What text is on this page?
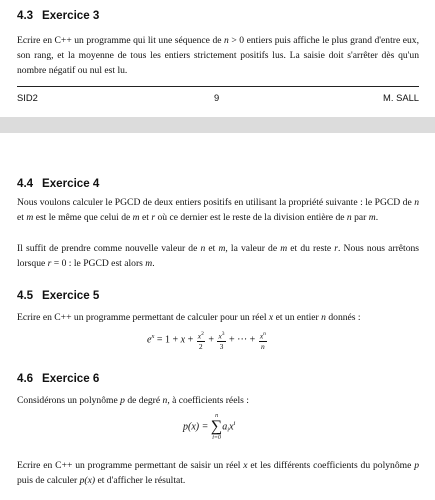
4.3 Exercice 3
Ecrire en C++ un programme qui lit une séquence de n > 0 entiers puis affiche le plus grand d'entre eux, son rang, et la moyenne de tous les entiers strictement positifs lus. La saisie doit s'arrêter dès qu'un nombre négatif ou nul est lu.
SID2	9	M. SALL
4.4 Exercice 4
Nous voulons calculer le PGCD de deux entiers positifs en utilisant la propriété suivante : le PGCD de n et m est le même que celui de m et r où ce dernier est le reste de la division entière de n par m.
Il suffit de prendre comme nouvelle valeur de n et m, la valeur de m et du reste r. Nous nous arrêtons lorsque r = 0 : le PGCD est alors m.
4.5 Exercice 5
Ecrire en C++ un programme permettant de calculer pour un réel x et un entier n donnés :
$e^x = 1 + x + \frac{x^2}{2} + \frac{x^3}{3}$ + ··· + $\frac{x^n}{n}$
4.6 Exercice 6
Considérons un polynôme p de degré n, à coefficients réels :
p(x) =
n
∑
i=0
$a_ix^i$
Ecrire en C++ un programme permettant de saisir un réel x et les différents coefficients du polynôme p puis de calculer p(x) et d'afficher le résultat.
